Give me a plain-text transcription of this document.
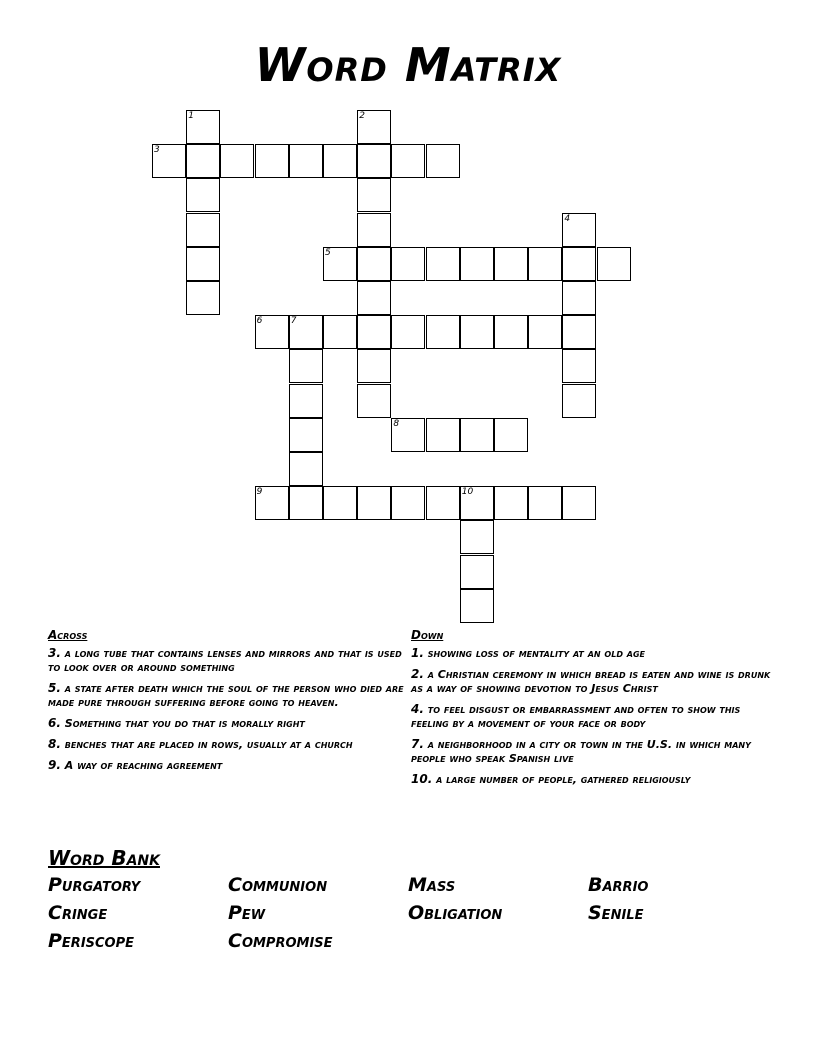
Word Matrix
1	2
3
4
5
6	7
8
9	10
Across
3. a long tube that contains lenses and mirrors and that is used to look over or around something
5. a state after death which the soul of the person who died are made pure through suffering before going to heaven.
6. Something that you do that is morally right
8. benches that are placed in rows, usually at a church
9. A way of reaching agreement
Down
1. showing loss of mentality at an old age
2. a Christian ceremony in which bread is eaten and wine is drunk as a way of showing devotion to Jesus Christ
4. to feel disgust or embarrassment and often to show this feeling by a movement of your face or body
7. a neighborhood in a city or town in the U.S. in which many people who speak Spanish live
10. a large number of people, gathered religiously
Word Bank
Purgatory	Communion	Mass	Barrio
Cringe	Pew	Obligation	Senile
Periscope	Compromise
